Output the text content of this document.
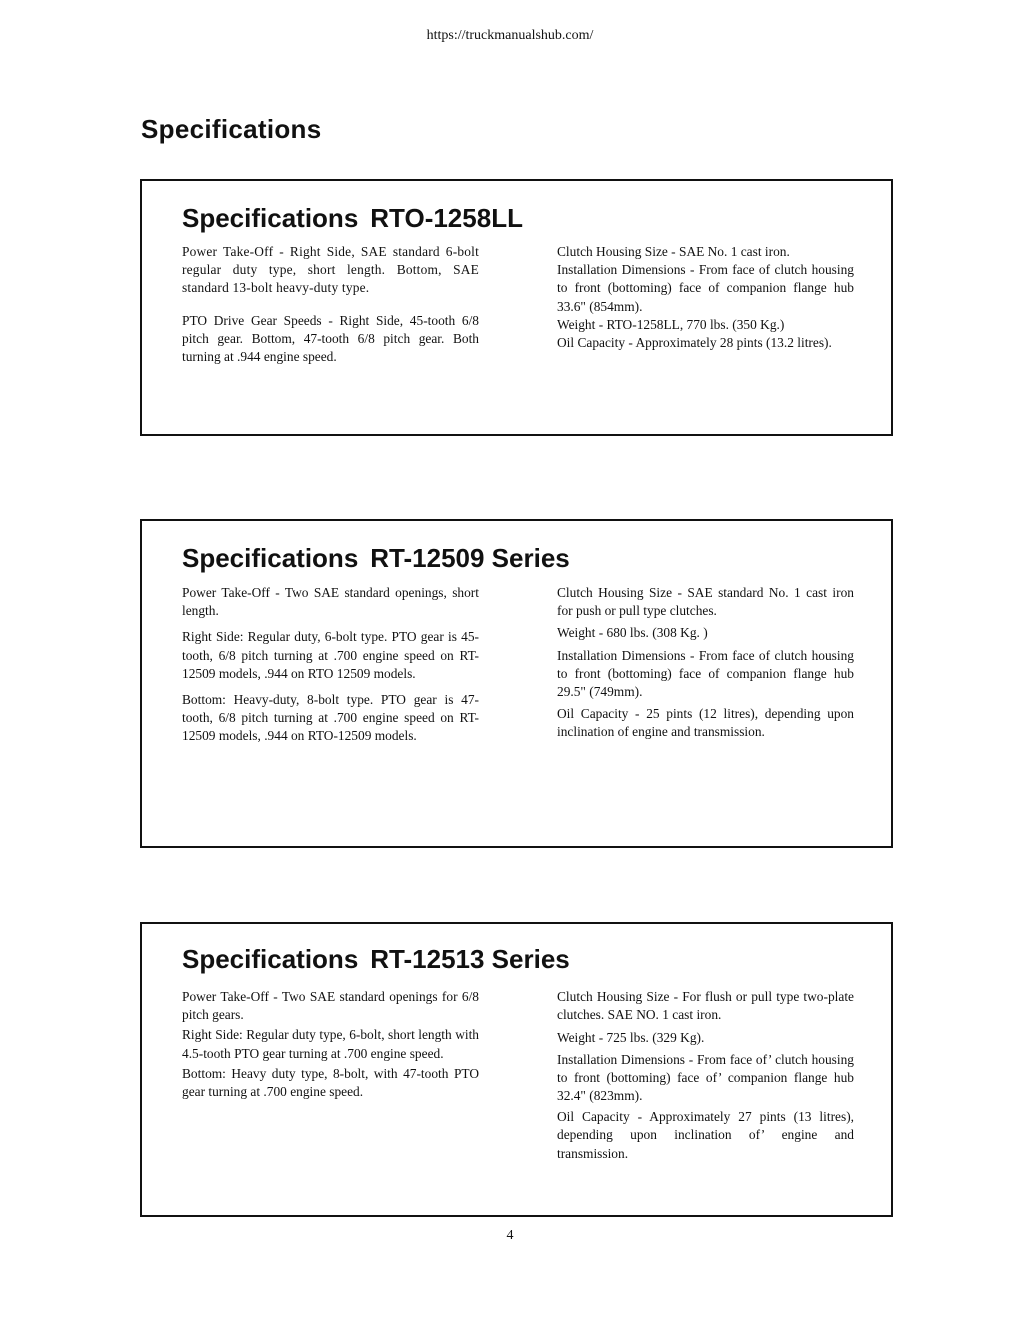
https://truckmanualshub.com/
Specifications
Specifications RTO-1258LL

Power Take-Off - Right Side, SAE standard 6-bolt regular duty type, short length. Bottom, SAE standard 13-bolt heavy-duty type.

PTO Drive Gear Speeds - Right Side, 45-tooth 6/8 pitch gear. Bottom, 47-tooth 6/8 pitch gear. Both turning at .944 engine speed.

Clutch Housing Size - SAE No. 1 cast iron.

Installation Dimensions - From face of clutch housing to front (bottoming) face of companion flange hub 33.6" (854mm).

Weight - RTO-1258LL, 770 lbs. (350 Kg.)

Oil Capacity - Approximately 28 pints (13.2 litres).

Specifications RT-12509 Series

Power Take-Off - Two SAE standard openings, short length.

Right Side: Regular duty, 6-bolt type. PTO gear is 45-tooth, 6/8 pitch turning at .700 engine speed on RT-12509 models, .944 on RTO 12509 models.

Bottom: Heavy-duty, 8-bolt type. PTO gear is 47-tooth, 6/8 pitch turning at .700 engine speed on RT-12509 models, .944 on RTO-12509 models.

Clutch Housing Size - SAE standard No. 1 cast iron for push or pull type clutches.

Weight - 680 lbs. (308 Kg. )

Installation Dimensions - From face of clutch housing to front (bottoming) face of companion flange hub 29.5" (749mm).

Oil Capacity - 25 pints (12 litres), depending upon inclination of engine and transmission.

Specifications RT-12513 Series

Power Take-Off - Two SAE standard openings for 6/8 pitch gears.

Right Side: Regular duty type, 6-bolt, short length with 4.5-tooth PTO gear turning at .700 engine speed.

Bottom: Heavy duty type, 8-bolt, with 47-tooth PTO gear turning at .700 engine speed.

Clutch Housing Size - For flush or pull type two-plate clutches. SAE NO. 1 cast iron.

Weight - 725 lbs. (329 Kg).

Installation Dimensions - From face of’ clutch housing to front (bottoming) face of’ companion flange hub 32.4" (823mm).

Oil Capacity - Approximately 27 pints (13 litres), depending upon inclination of’ engine and transmission.

4
